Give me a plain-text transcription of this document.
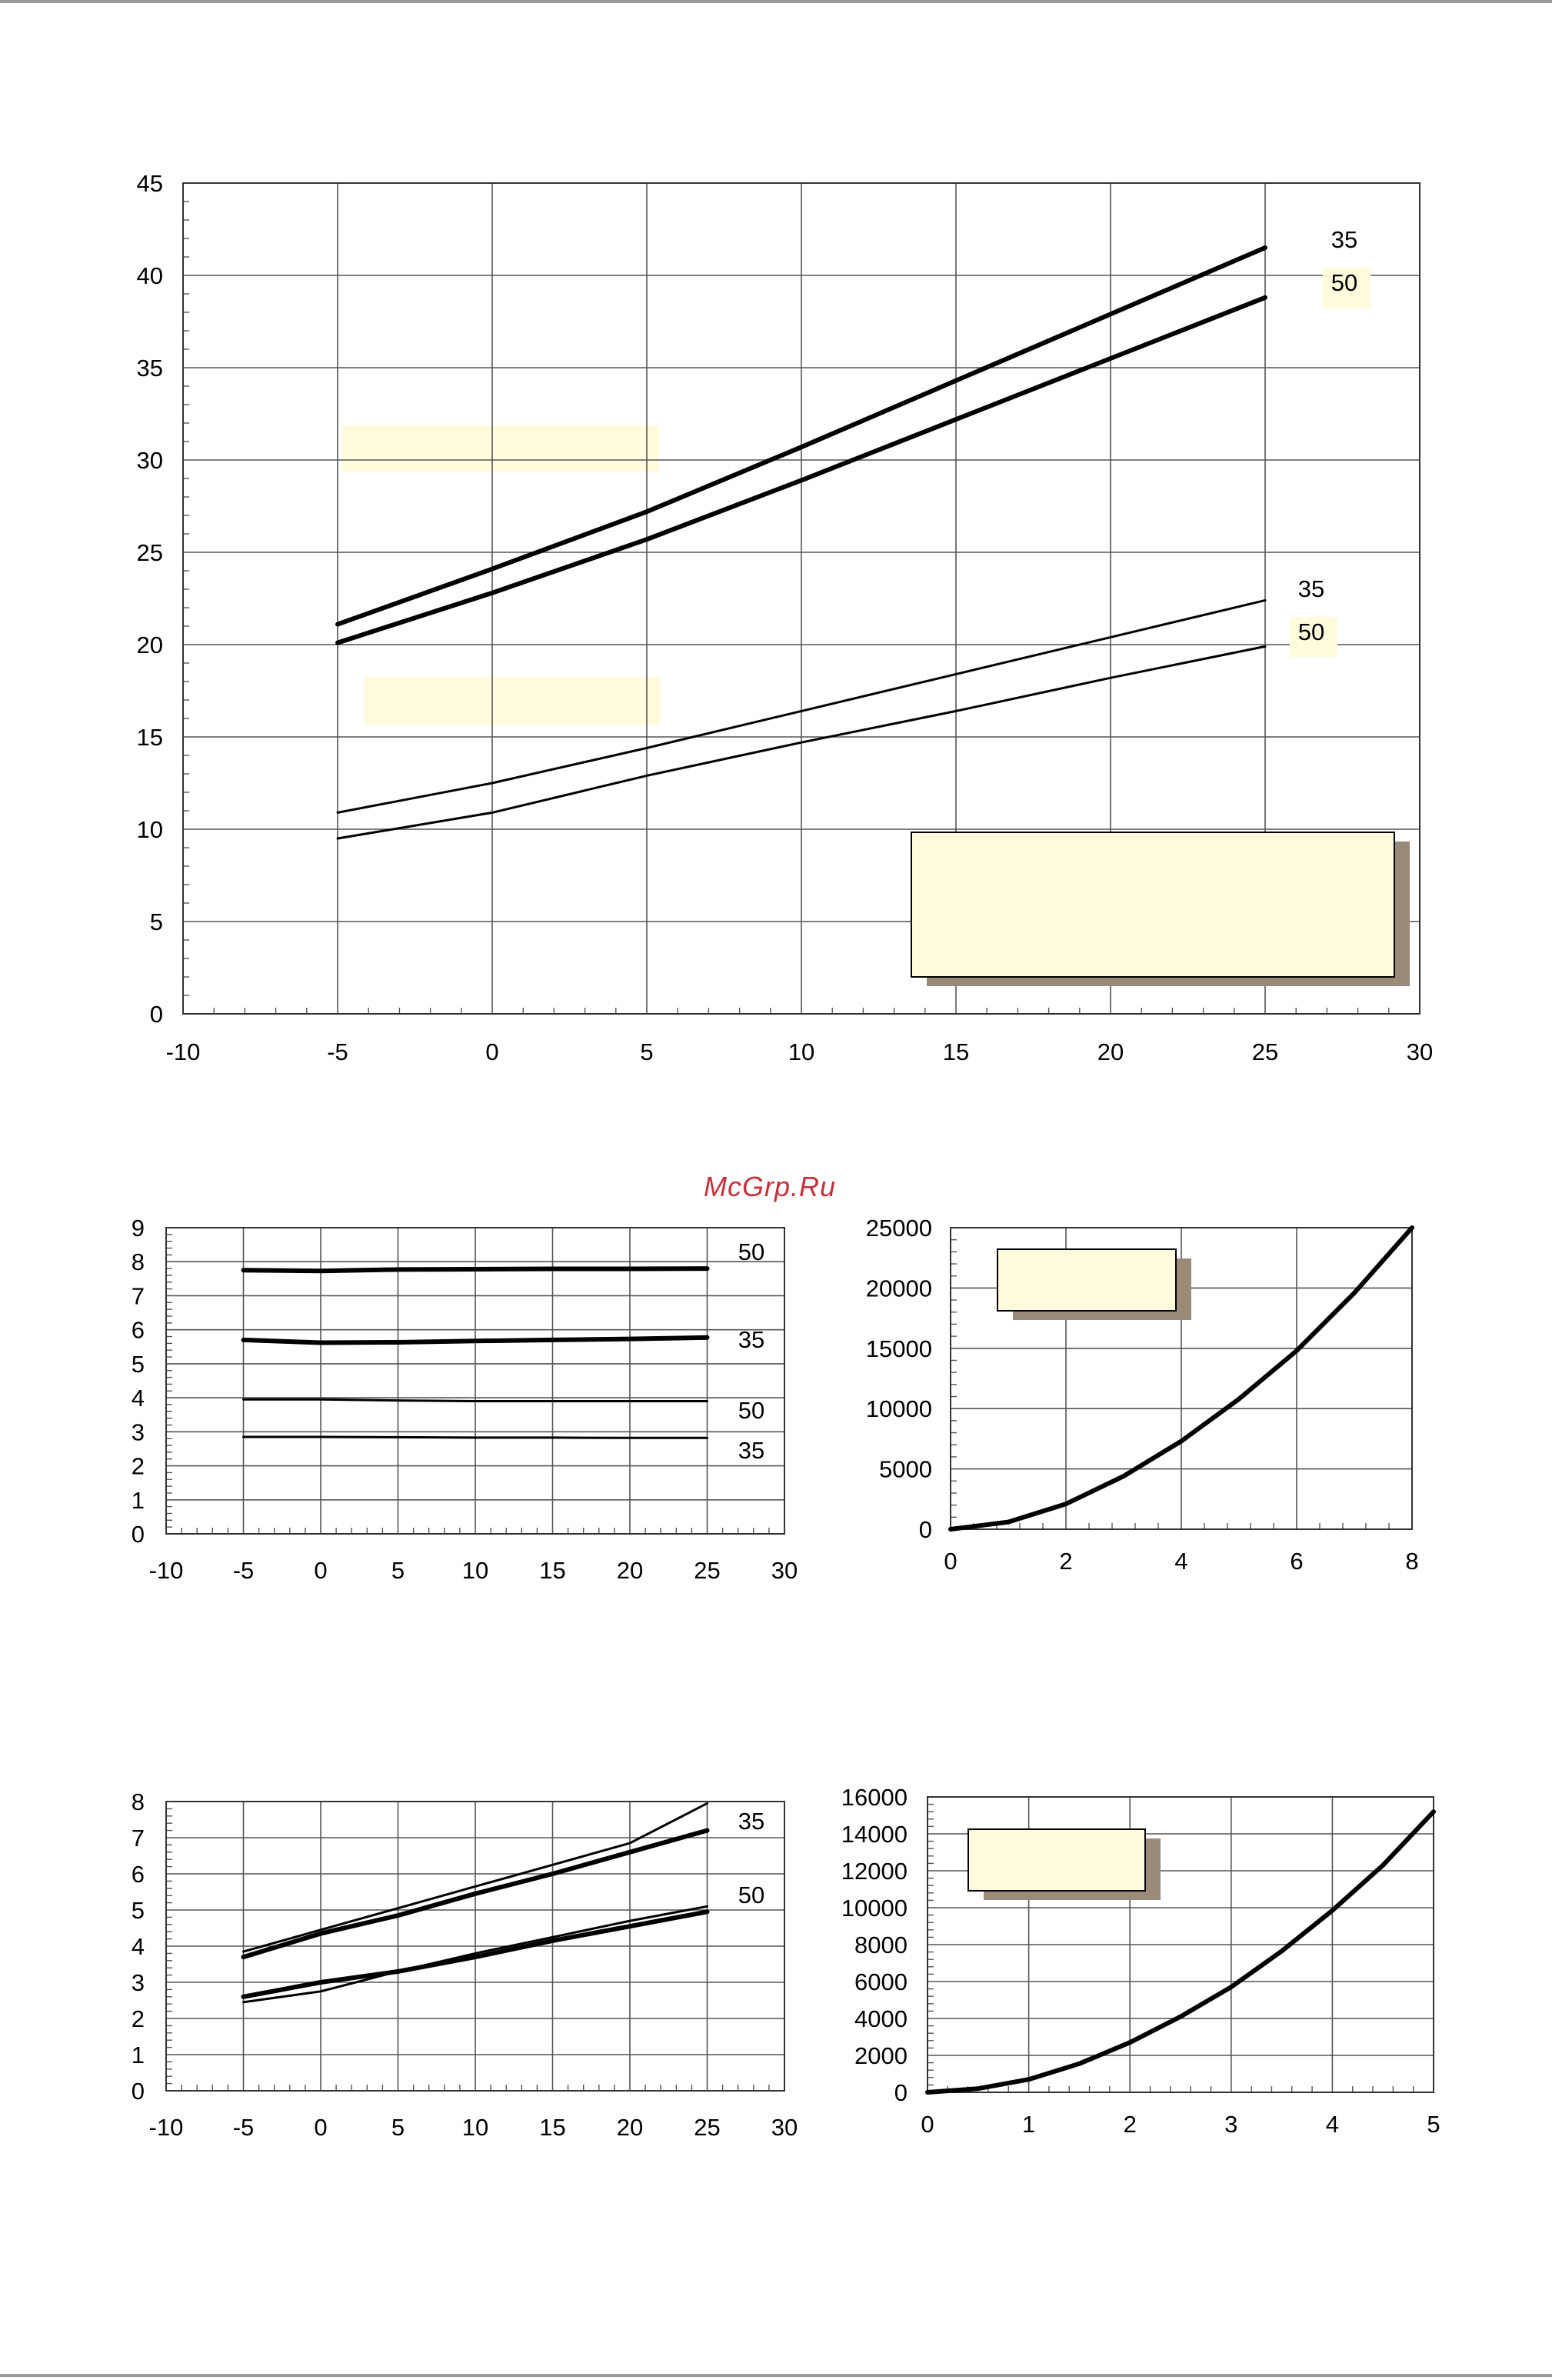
McGrp.Ru
-10	-5	0	5	10	15	20	25	30
0
5
10
15
20
25
30
35
40
45
35
50
35
50
-10 -5	0	5 10 15 20 25 30
0
1
2
3
4
5
6
7
8
9
50
35
50
35
0	2	4	6	8
0
5000
10000
15000
20000
25000
-10 -5	0	5 10 15 20 25 30
0
1
2
3
4
5
6
7
8
35
50
0	1	2	3	4	5
0
2000
4000
6000
8000
10000
12000
14000
16000
